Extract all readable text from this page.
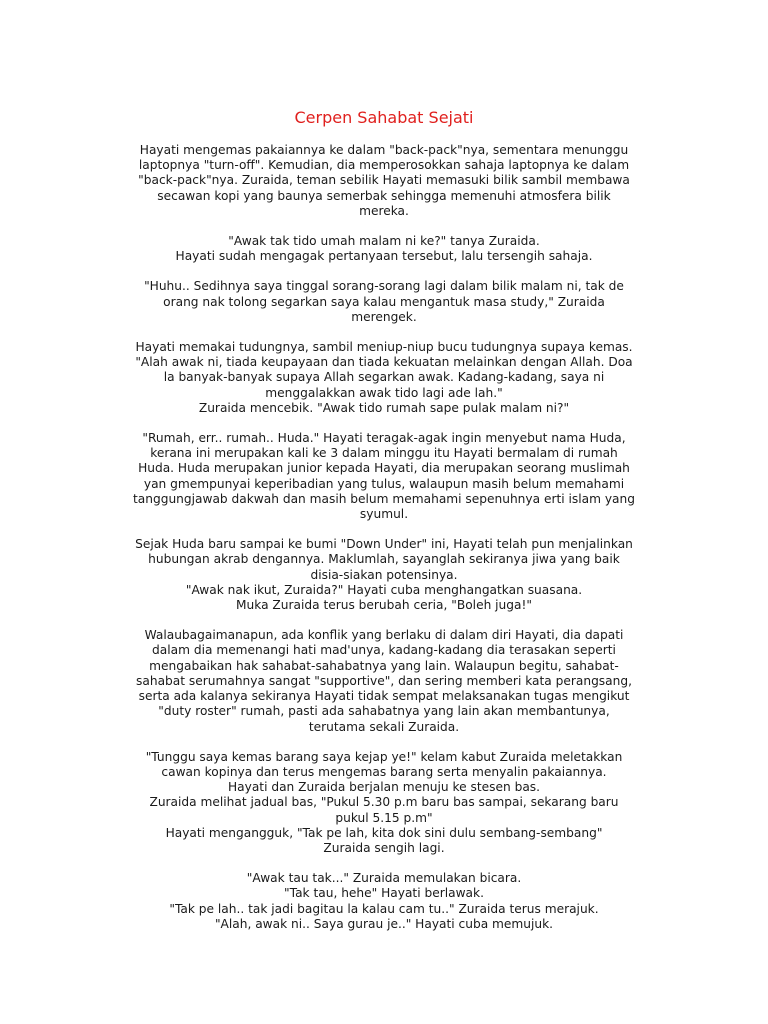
Cerpen Sahabat Sejati
Hayati mengemas pakaiannya ke dalam "back-pack"nya, sementara menunggu
laptopnya "turn-off". Kemudian, dia memperosokkan sahaja laptopnya ke dalam
"back-pack"nya. Zuraida, teman sebilik Hayati memasuki bilik sambil membawa
secawan kopi yang baunya semerbak sehingga memenuhi atmosfera bilik
mereka.
"Awak tak tido umah malam ni ke?" tanya Zuraida.
Hayati sudah mengagak pertanyaan tersebut, lalu tersengih sahaja.
"Huhu.. Sedihnya saya tinggal sorang-sorang lagi dalam bilik malam ni, tak de
orang nak tolong segarkan saya kalau mengantuk masa study," Zuraida
merengek.
Hayati memakai tudungnya, sambil meniup-niup bucu tudungnya supaya kemas.
"Alah awak ni, tiada keupayaan dan tiada kekuatan melainkan dengan Allah. Doa
la banyak-banyak supaya Allah segarkan awak. Kadang-kadang, saya ni
menggalakkan awak tido lagi ade lah."
Zuraida mencebik. "Awak tido rumah sape pulak malam ni?"
"Rumah, err.. rumah.. Huda." Hayati teragak-agak ingin menyebut nama Huda,
kerana ini merupakan kali ke 3 dalam minggu itu Hayati bermalam di rumah
Huda. Huda merupakan junior kepada Hayati, dia merupakan seorang muslimah
yan gmempunyai keperibadian yang tulus, walaupun masih belum memahami
tanggungjawab dakwah dan masih belum memahami sepenuhnya erti islam yang
syumul.
Sejak Huda baru sampai ke bumi "Down Under" ini, Hayati telah pun menjalinkan
hubungan akrab dengannya. Maklumlah, sayanglah sekiranya jiwa yang baik
disia-siakan potensinya.
"Awak nak ikut, Zuraida?" Hayati cuba menghangatkan suasana.
Muka Zuraida terus berubah ceria, "Boleh juga!"
Walaubagaimanapun, ada konflik yang berlaku di dalam diri Hayati, dia dapati
dalam dia memenangi hati mad'unya, kadang-kadang dia terasakan seperti
mengabaikan hak sahabat-sahabatnya yang lain. Walaupun begitu, sahabat-
sahabat serumahnya sangat "supportive", dan sering memberi kata perangsang,
serta ada kalanya sekiranya Hayati tidak sempat melaksanakan tugas mengikut
"duty roster" rumah, pasti ada sahabatnya yang lain akan membantunya,
terutama sekali Zuraida.
"Tunggu saya kemas barang saya kejap ye!" kelam kabut Zuraida meletakkan
cawan kopinya dan terus mengemas barang serta menyalin pakaiannya.
Hayati dan Zuraida berjalan menuju ke stesen bas.
Zuraida melihat jadual bas, "Pukul 5.30 p.m baru bas sampai, sekarang baru
pukul 5.15 p.m"
Hayati mengangguk, "Tak pe lah, kita dok sini dulu sembang-sembang"
Zuraida sengih lagi.
"Awak tau tak..." Zuraida memulakan bicara.
"Tak tau, hehe" Hayati berlawak.
"Tak pe lah.. tak jadi bagitau la kalau cam tu.." Zuraida terus merajuk.
"Alah, awak ni.. Saya gurau je.." Hayati cuba memujuk.
